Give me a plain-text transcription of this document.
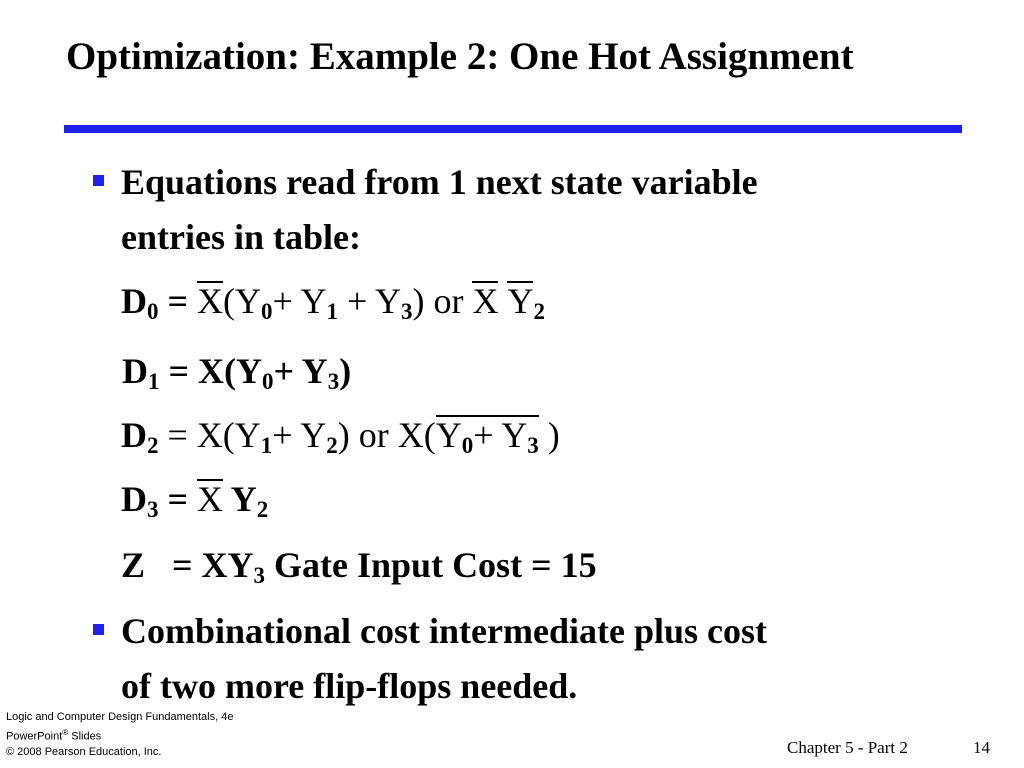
Optimization: Example 2: One Hot Assignment
Equations read from 1 next state variable
entries in table:
$D_0 = X(Y_0+ Y_1 + Y_3)$ or X $Y_2$
$D_1 = X(Y_0+ Y_3)$
$D_2 = X(Y_1+ Y_2)$ or $X(Y_0+ Y_3$ )
$D_3 = X$ $Y_2$
$Z = XY_3$ Gate Input Cost = 15
Combinational cost intermediate plus cost
of two more flip-flops needed.
Logic and Computer Design Fundamentals, 4e
PowerPoint® Slides
© 2008 Pearson Education, Inc.	Chapter 5 - Part 2	14
